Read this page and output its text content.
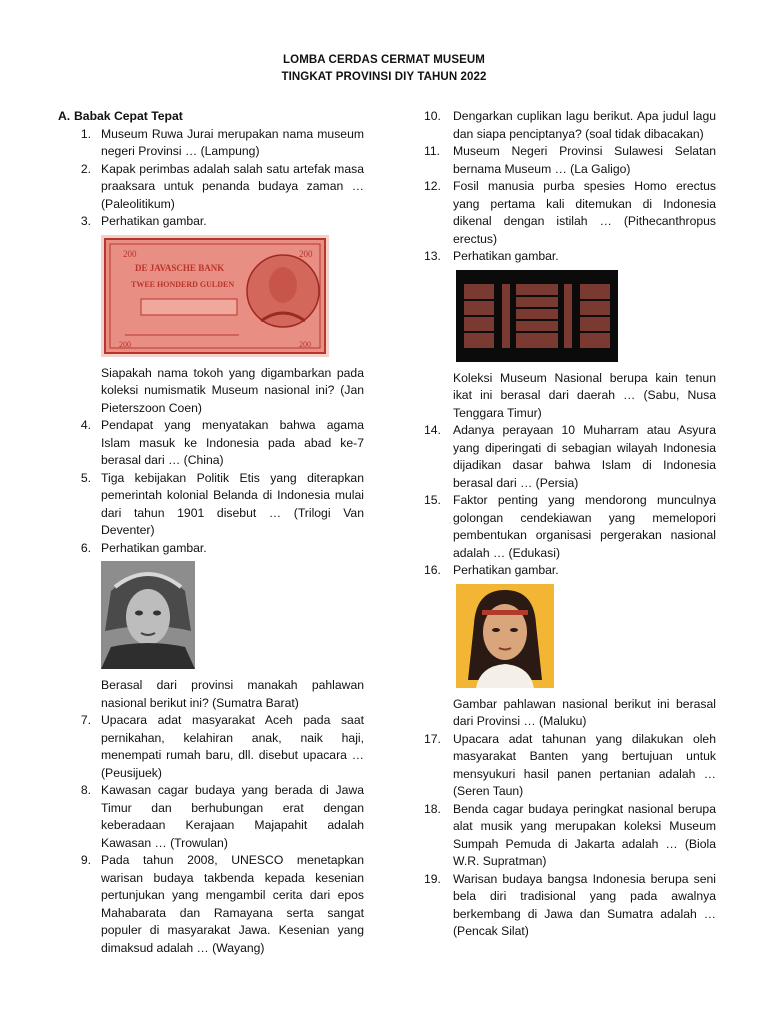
LOMBA CERDAS CERMAT MUSEUM
TINGKAT PROVINSI DIY TAHUN 2022
A. Babak Cepat Tepat
1. Museum Ruwa Jurai merupakan nama museum negeri Provinsi … (Lampung)
2. Kapak perimbas adalah salah satu artefak masa praaksara untuk penanda budaya zaman … (Paleolitikum)
3. Perhatikan gambar.
200	200
DE JAVASCHE BANK
TWEE HONDERD GULDEN
200	200
Siapakah nama tokoh yang digambarkan pada koleksi numismatik Museum nasional ini? (Jan Pieterszoon Coen)
4. Pendapat yang menyatakan bahwa agama Islam masuk ke Indonesia pada abad ke-7 berasal dari … (China)
5. Tiga kebijakan Politik Etis yang diterapkan pemerintah kolonial Belanda di Indonesia mulai dari tahun 1901 disebut … (Trilogi Van Deventer)
6. Perhatikan gambar.
Berasal dari provinsi manakah pahlawan nasional berikut ini? (Sumatra Barat)
7. Upacara adat masyarakat Aceh pada saat pernikahan, kelahiran anak, naik haji, menempati rumah baru, dll. disebut upacara … (Peusijuek)
8. Kawasan cagar budaya yang berada di Jawa Timur dan berhubungan erat dengan keberadaan Kerajaan Majapahit adalah Kawasan … (Trowulan)
9. Pada tahun 2008, UNESCO menetapkan warisan budaya takbenda kepada kesenian pertunjukan yang mengambil cerita dari epos Mahabarata dan Ramayana serta sangat populer di masyarakat Jawa. Kesenian yang dimaksud adalah … (Wayang)
10. Dengarkan cuplikan lagu berikut. Apa judul lagu dan siapa penciptanya? (soal tidak dibacakan)
11.	Museum Negeri Provinsi Sulawesi Selatan bernama Museum … (La Galigo)
12. Fosil manusia purba spesies Homo erectus yang pertama kali ditemukan di Indonesia dikenal dengan istilah … (Pithecanthropus erectus)
13. Perhatikan gambar.
Koleksi Museum Nasional berupa kain tenun ikat ini berasal dari daerah … (Sabu, Nusa Tenggara Timur)
14. Adanya perayaan 10 Muharram atau Asyura yang diperingati di sebagian wilayah Indonesia dijadikan dasar bahwa Islam di Indonesia berasal dari … (Persia)
15. Faktor penting yang mendorong munculnya golongan cendekiawan yang memelopori pembentukan organisasi pergerakan nasional adalah … (Edukasi)
16. Perhatikan gambar.
Gambar pahlawan nasional berikut ini berasal dari Provinsi … (Maluku)
17. Upacara adat tahunan yang dilakukan oleh masyarakat Banten yang bertujuan untuk mensyukuri hasil panen pertanian adalah … (Seren Taun)
18. Benda cagar budaya peringkat nasional berupa alat musik yang merupakan koleksi Museum Sumpah Pemuda di Jakarta adalah … (Biola W.R. Supratman)
19. Warisan budaya bangsa Indonesia berupa seni bela diri tradisional yang pada awalnya berkembang di Jawa dan Sumatra adalah … (Pencak Silat)
